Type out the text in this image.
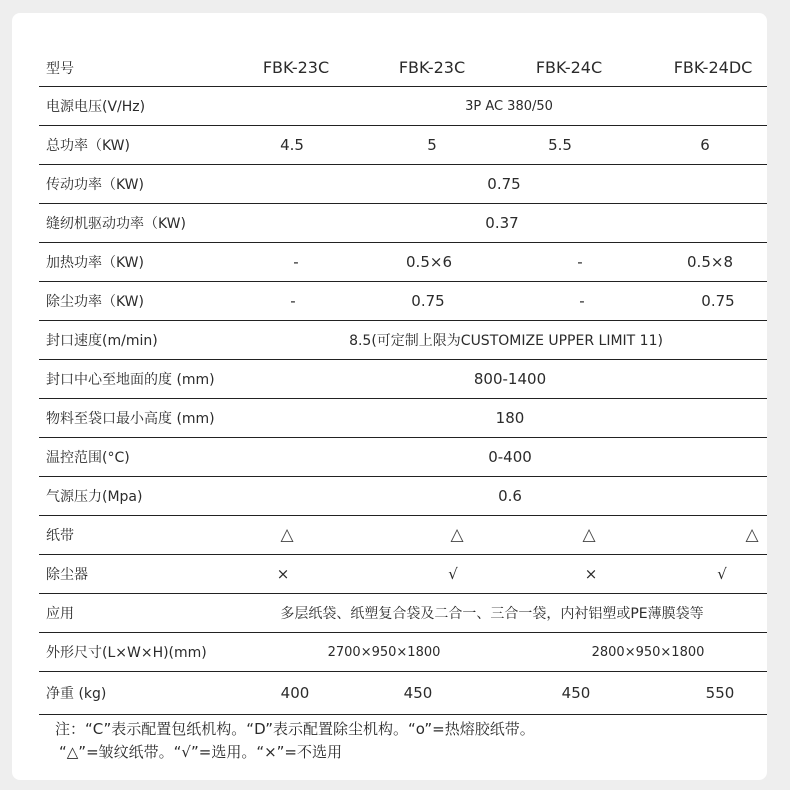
型号	FBK-23C	FBK-23C	FBK-24C	FBK-24DC
电源电压(V/Hz)	3P AC 380/50
总功率（KW)	4.5	5	5.5	6
传动功率（KW)	0.75
缝纫机驱动功率（KW)	0.37
加热功率（KW)	-	0.5×6	-	0.5×8
除尘功率（KW)	-	0.75	-	0.75
封口速度(m/min)	8.5(可定制上限为CUSTOMIZE UPPER LIMIT 11)
封口中心至地面的度 (mm)	800-1400
物料至袋口最小高度 (mm)	180
温控范围(°C)	0-400
气源压力(Mpa)	0.6
纸带	△	△	△	△
除尘器	×	√	×	√
应用	多层纸袋、纸塑复合袋及二合一、三合一袋，内衬铝塑或PE薄膜袋等
外形尺寸(L×W×H)(mm)	2700×950×1800	2800×950×1800
净重 (kg)	400	450	450	550
注：“C”表示配置包纸机构。“D”表示配置除尘机构。“o”=热熔胶纸带。
“△”=皱纹纸带。“√”=选用。“×”=不选用
